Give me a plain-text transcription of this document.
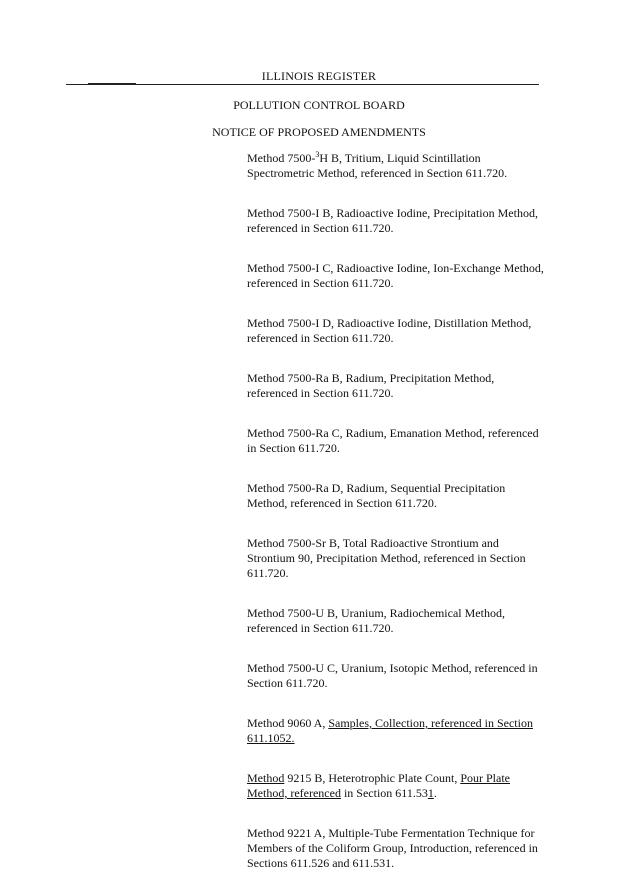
ILLINOIS REGISTER
POLLUTION CONTROL BOARD
NOTICE OF PROPOSED AMENDMENTS

Method 7500-$^3$H B, Tritium, Liquid Scintillation Spectrometric Method, referenced in Section 611.720.

Method 7500-I B, Radioactive Iodine, Precipitation Method, referenced in Section 611.720.

Method 7500-I C, Radioactive Iodine, Ion-Exchange Method, referenced in Section 611.720.

Method 7500-I D, Radioactive Iodine, Distillation Method, referenced in Section 611.720.

Method 7500-Ra B, Radium, Precipitation Method, referenced in Section 611.720.

Method 7500-Ra C, Radium, Emanation Method, referenced in Section 611.720.

Method 7500-Ra D, Radium, Sequential Precipitation Method, referenced in Section 611.720.

Method 7500-Sr B, Total Radioactive Strontium and Strontium 90, Precipitation Method, referenced in Section 611.720.

Method 7500-U B, Uranium, Radiochemical Method, referenced in Section 611.720.

Method 7500-U C, Uranium, Isotopic Method, referenced in Section 611.720.

Method 9060 A, Samples, Collection, referenced in Section 611.1052.

Method 9215 B, Heterotrophic Plate Count, Pour Plate Method, referenced in Section 611.531.

Method 9221 A, Multiple-Tube Fermentation Technique for Members of the Coliform Group, Introduction, referenced in Sections 611.526 and 611.531.
